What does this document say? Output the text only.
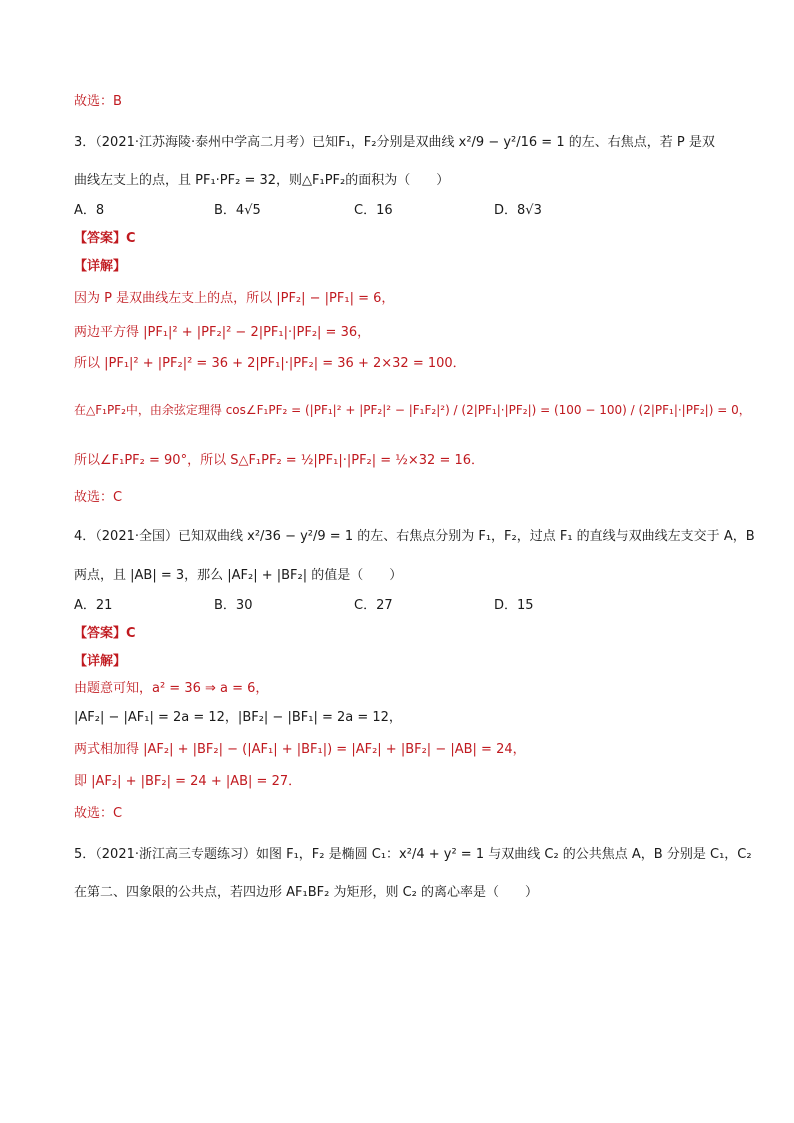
故选：B
3．（2021·江苏海陵·泰州中学高二月考）已知F₁，F₂分别是双曲线 x²/9 − y²/16 = 1 的左、右焦点，若 P 是双
曲线左支上的点，且 PF₁·PF₂ = 32，则△F₁PF₂的面积为（　　）
A．8	B．4√5	C．16	D．8√3
【答案】C
【详解】
因为 P 是双曲线左支上的点，所以 |PF₂| − |PF₁| = 6，
两边平方得 |PF₁|² + |PF₂|² − 2|PF₁|·|PF₂| = 36，
所以 |PF₁|² + |PF₂|² = 36 + 2|PF₁|·|PF₂| = 36 + 2×32 = 100．
在△F₁PF₂中，由余弦定理得 cos∠F₁PF₂ = (|PF₁|² + |PF₂|² − |F₁F₂|²) / (2|PF₁|·|PF₂|) = (100 − 100) / (2|PF₁|·|PF₂|) = 0，
所以∠F₁PF₂ = 90°，所以 S△F₁PF₂ = ½|PF₁|·|PF₂| = ½×32 = 16．
故选：C
4．（2021·全国）已知双曲线 x²/36 − y²/9 = 1 的左、右焦点分别为 F₁，F₂，过点 F₁ 的直线与双曲线左支交于 A，B
两点，且 |AB| = 3，那么 |AF₂| + |BF₂| 的值是（　　）
A．21	B．30	C．27	D．15
【答案】C
【详解】
由题意可知，a² = 36 ⇒ a = 6，
|AF₂| − |AF₁| = 2a = 12，|BF₂| − |BF₁| = 2a = 12，
两式相加得 |AF₂| + |BF₂| − (|AF₁| + |BF₁|) = |AF₂| + |BF₂| − |AB| = 24，
即 |AF₂| + |BF₂| = 24 + |AB| = 27．
故选：C
5．（2021·浙江高三专题练习）如图 F₁，F₂ 是椭圆 C₁：x²/4 + y² = 1 与双曲线 C₂ 的公共焦点 A，B 分别是 C₁，C₂
在第二、四象限的公共点，若四边形 AF₁BF₂ 为矩形，则 C₂ 的离心率是（　　）
